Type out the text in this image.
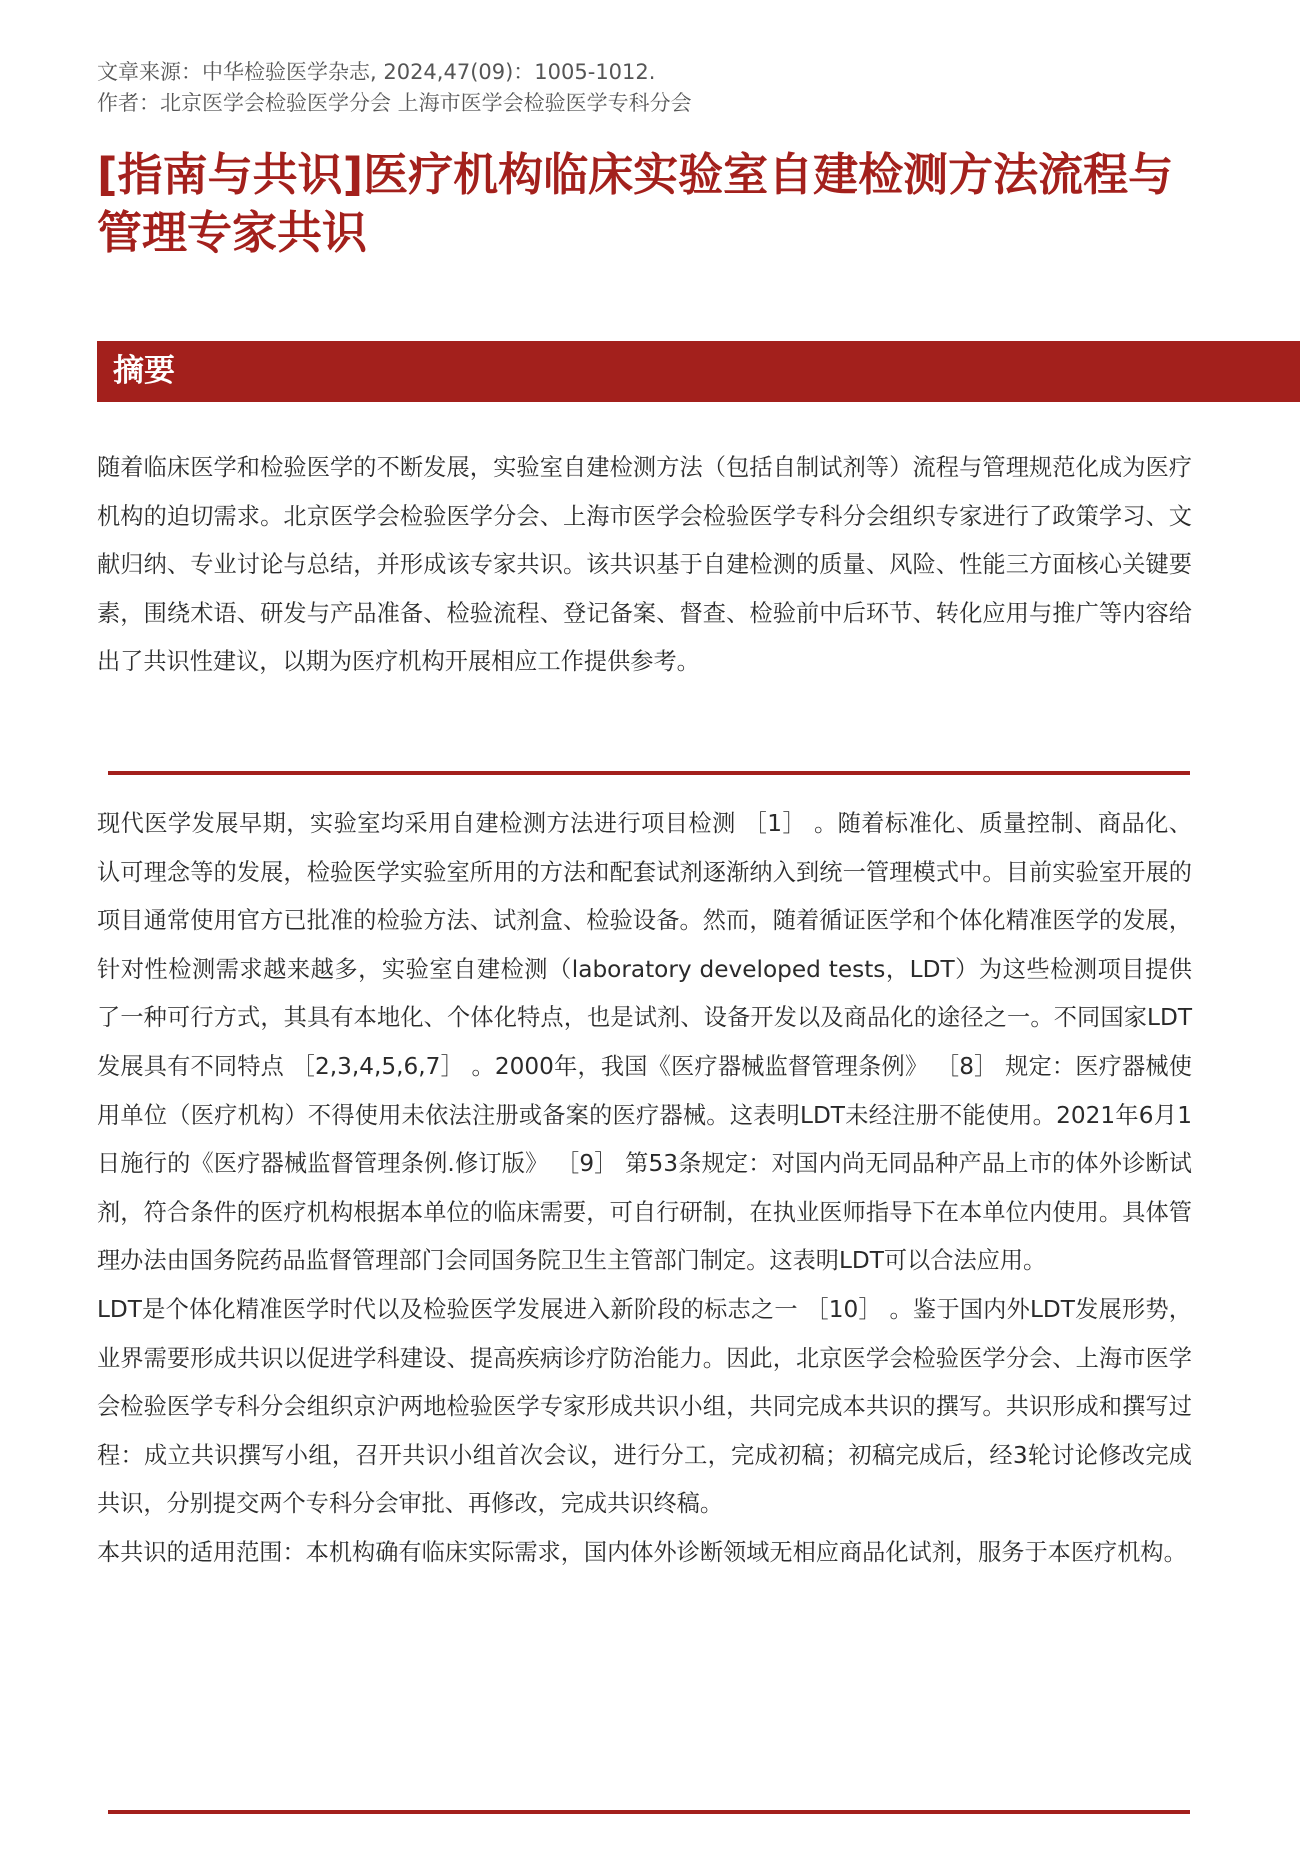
文章来源：中华检验医学杂志, 2024,47(09)：1005-1012.
作者：北京医学会检验医学分会 上海市医学会检验医学专科分会
[指南与共识]医疗机构临床实验室自建检测方法流程与管理专家共识
摘要

随着临床医学和检验医学的不断发展，实验室自建检测方法（包括自制试剂等）流程与管理规范化成为医疗机构的迫切需求。北京医学会检验医学分会、上海市医学会检验医学专科分会组织专家进行了政策学习、文献归纳、专业讨论与总结，并形成该专家共识。该共识基于自建检测的质量、风险、性能三方面核心关键要素，围绕术语、研发与产品准备、检验流程、登记备案、督查、检验前中后环节、转化应用与推广等内容给出了共识性建议，以期为医疗机构开展相应工作提供参考。

现代医学发展早期，实验室均采用自建检测方法进行项目检测 ［1］ 。随着标准化、质量控制、商品化、认可理念等的发展，检验医学实验室所用的方法和配套试剂逐渐纳入到统一管理模式中。目前实验室开展的项目通常使用官方已批准的检验方法、试剂盒、检验设备。然而，随着循证医学和个体化精准医学的发展，针对性检测需求越来越多，实验室自建检测（laboratory developed tests，LDT）为这些检测项目提供了一种可行方式，其具有本地化、个体化特点，也是试剂、设备开发以及商品化的途径之一。不同国家LDT发展具有不同特点 ［2,3,4,5,6,7］ 。2000年，我国《医疗器械监督管理条例》 ［8］ 规定：医疗器械使用单位（医疗机构）不得使用未依法注册或备案的医疗器械。这表明LDT未经注册不能使用。2021年6月1日施行的《医疗器械监督管理条例.修订版》 ［9］ 第53条规定：对国内尚无同品种产品上市的体外诊断试剂，符合条件的医疗机构根据本单位的临床需要，可自行研制，在执业医师指导下在本单位内使用。具体管理办法由国务院药品监督管理部门会同国务院卫生主管部门制定。这表明LDT可以合法应用。

LDT是个体化精准医学时代以及检验医学发展进入新阶段的标志之一 ［10］ 。鉴于国内外LDT发展形势，业界需要形成共识以促进学科建设、提高疾病诊疗防治能力。因此，北京医学会检验医学分会、上海市医学会检验医学专科分会组织京沪两地检验医学专家形成共识小组，共同完成本共识的撰写。共识形成和撰写过程：成立共识撰写小组，召开共识小组首次会议，进行分工，完成初稿；初稿完成后，经3轮讨论修改完成共识，分别提交两个专科分会审批、再修改，完成共识终稿。

本共识的适用范围：本机构确有临床实际需求，国内体外诊断领域无相应商品化试剂，服务于本医疗机构。
